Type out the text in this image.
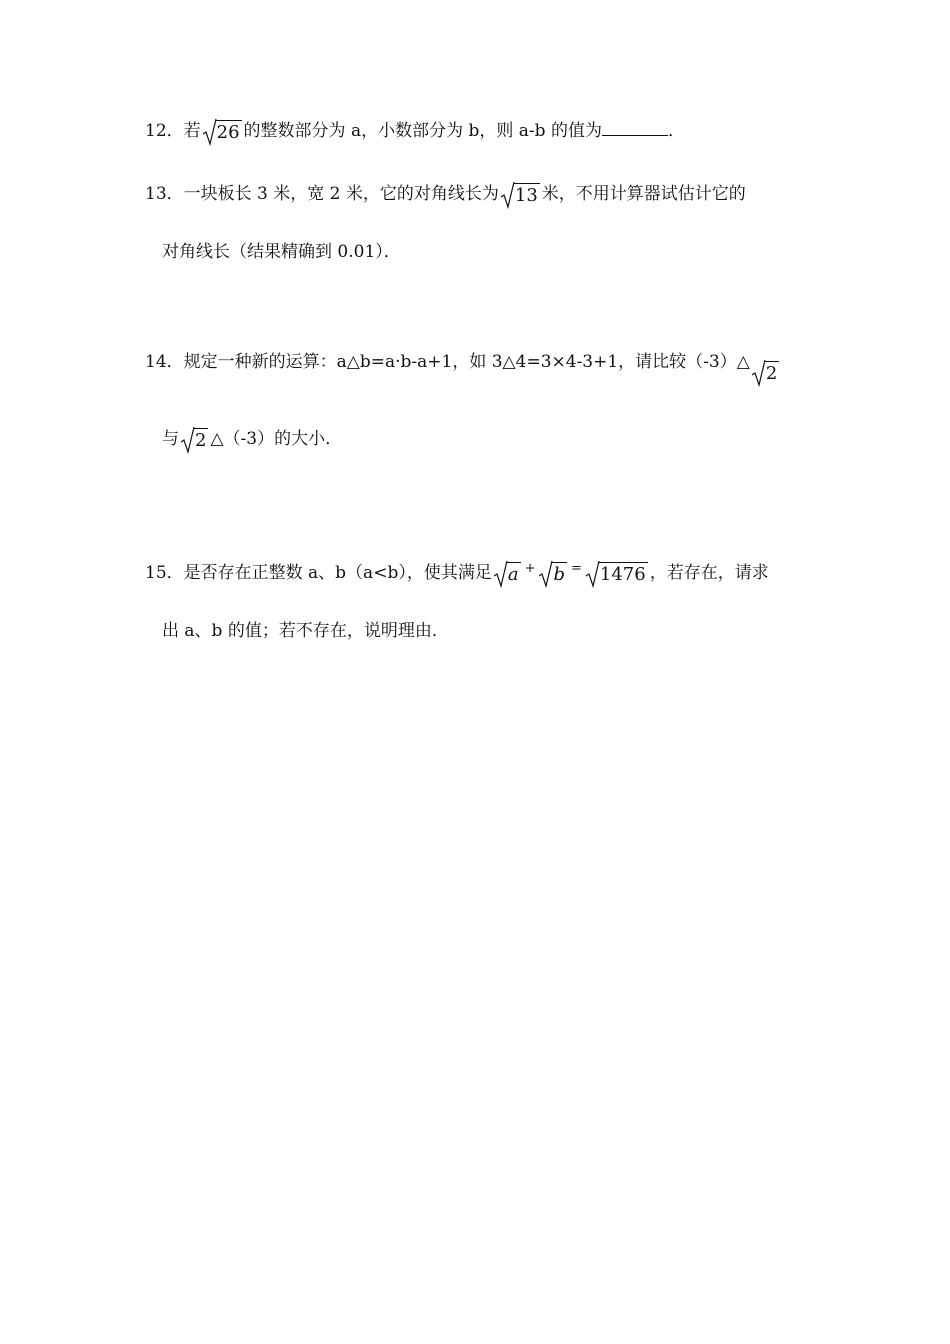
12．若 26 的整数部分为 a，小数部分为 b，则 a-b 的值为	．
13．一块板长 3 米，宽 2 米，它的对角线长为 13 米，不用计算器试估计它的
对角线长（结果精确到 0.01）．
14．规定一种新的运算：a△b=a·b-a+1，如 3△4=3×4-3+1，请比较（-3）△
2
与 2 △（-3）的大小．
15．是否存在正整数 a、b（a<b），使其满足 a + b = 1476 ，若存在，请求
出 a、b 的值；若不存在，说明理由．
